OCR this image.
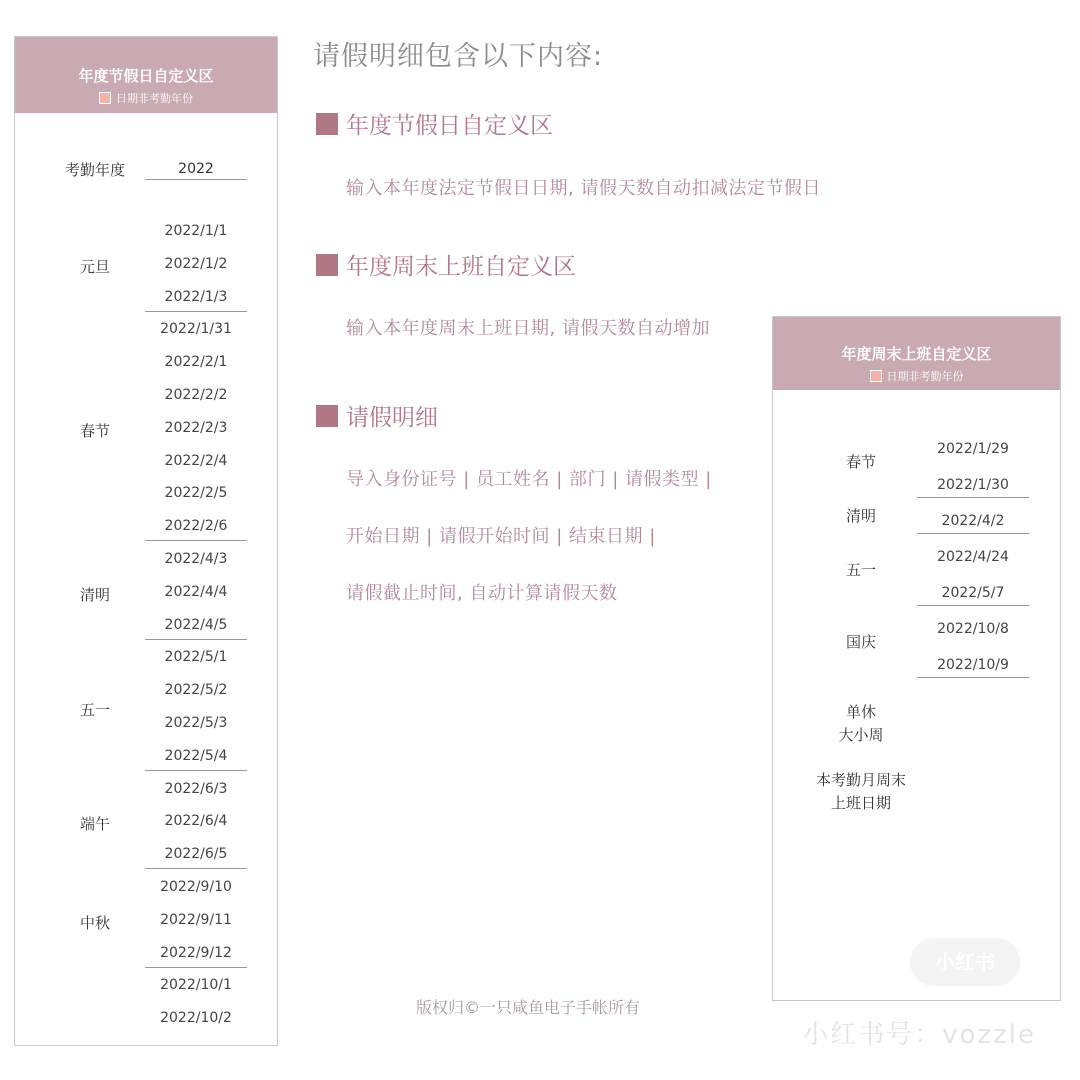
年度节假日自定义区
日期非考勤年份
考勤年度	2022
2022/1/1
2022/1/2
2022/1/3
元旦
2022/1/31
2022/2/1
2022/2/2
2022/2/3
2022/2/4
2022/2/5
2022/2/6
春节
2022/4/3
2022/4/4
2022/4/5
清明
2022/5/1
2022/5/2
2022/5/3
2022/5/4
五一
2022/6/3
2022/6/4
2022/6/5
端午
2022/9/10
2022/9/11
2022/9/12
中秋
2022/10/1
2022/10/2
请假明细包含以下内容:
年度节假日自定义区
输入本年度法定节假日日期, 请假天数自动扣减法定节假日
年度周末上班自定义区
输入本年度周末上班日期, 请假天数自动增加
请假明细
导入身份证号 | 员工姓名 | 部门 | 请假类型 |
开始日期 | 请假开始时间 | 结束日期 |
请假截止时间, 自动计算请假天数
年度周末上班自定义区
日期非考勤年份
春节
2022/1/29
2022/1/30
清明	2022/4/2
五一
2022/4/24
2022/5/7
国庆
2022/10/8
2022/10/9
单休
大小周
本考勤月周末
上班日期
小红书
版权归©一只咸鱼电子手帐所有
小红书号：vozzle
